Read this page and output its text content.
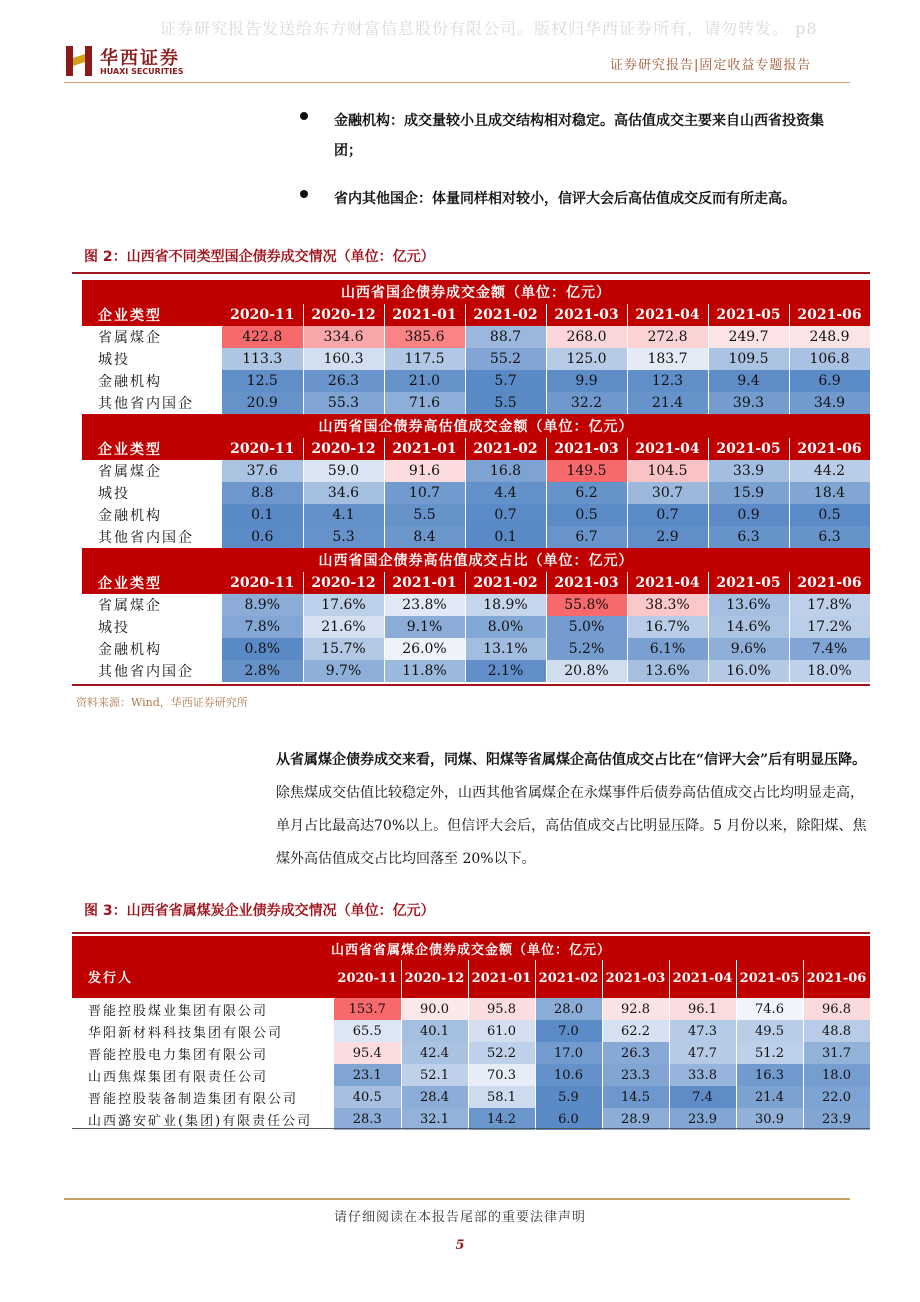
证券研究报告发送给东方财富信息股份有限公司。版权归华西证券所有，请勿转发。 p8
华西证券
HUAXI SECURITIES	证券研究报告|固定收益专题报告
金融机构：成交量较小且成交结构相对稳定。高估值成交主要来自山西省投资集团；
省内其他国企：体量同样相对较小，信评大会后高估值成交反而有所走高。
图 2：山西省不同类型国企债券成交情况（单位：亿元）
山西省国企债券成交金额（单位：亿元）								
企业类型	2020-11	2020-12	2021-01	2021-02	2021-03	2021-04	2021-05	2021-06
省属煤企	422.8	334.6	385.6	88.7	268.0	272.8	249.7	248.9
城投	113.3	160.3	117.5	55.2	125.0	183.7	109.5	106.8
金融机构	12.5	26.3	21.0	5.7	9.9	12.3	9.4	6.9
其他省内国企	20.9	55.3	71.6	5.5	32.2	21.4	39.3	34.9
山西省国企债券高估值成交金额（单位：亿元）								
企业类型	2020-11	2020-12	2021-01	2021-02	2021-03	2021-04	2021-05	2021-06
省属煤企	37.6	59.0	91.6	16.8	149.5	104.5	33.9	44.2
城投	8.8	34.6	10.7	4.4	6.2	30.7	15.9	18.4
金融机构	0.1	4.1	5.5	0.7	0.5	0.7	0.9	0.5
其他省内国企	0.6	5.3	8.4	0.1	6.7	2.9	6.3	6.3
山西省国企债券高估值成交占比（单位：亿元）								
企业类型	2020-11	2020-12	2021-01	2021-02	2021-03	2021-04	2021-05	2021-06
省属煤企	8.9%	17.6%	23.8%	18.9%	55.8%	38.3%	13.6%	17.8%
城投	7.8%	21.6%	9.1%	8.0%	5.0%	16.7%	14.6%	17.2%
金融机构	0.8%	15.7%	26.0%	13.1%	5.2%	6.1%	9.6%	7.4%
其他省内国企	2.8%	9.7%	11.8%	2.1%	20.8%	13.6%	16.0%	18.0%
资料来源：Wind，华西证券研究所
从省属煤企债券成交来看，同煤、阳煤等省属煤企高估值成交占比在“信评大会”后有明显压降。除焦煤成交估值比较稳定外，山西其他省属煤企在永煤事件后债券高估值成交占比均明显走高，单月占比最高达70%以上。但信评大会后，高估值成交占比明显压降。5 月份以来，除阳煤、焦煤外高估值成交占比均回落至 20%以下。
图 3：山西省省属煤炭企业债券成交情况（单位：亿元）
山西省省属煤企债券成交金额（单位：亿元）								
发行人	2020-11	2020-12	2021-01	2021-02	2021-03	2021-04	2021-05	2021-06
晋能控股煤业集团有限公司	153.7	90.0	95.8	28.0	92.8	96.1	74.6	96.8
华阳新材料科技集团有限公司	65.5	40.1	61.0	7.0	62.2	47.3	49.5	48.8
晋能控股电力集团有限公司	95.4	42.4	52.2	17.0	26.3	47.7	51.2	31.7
山西焦煤集团有限责任公司	23.1	52.1	70.3	10.6	23.3	33.8	16.3	18.0
晋能控股装备制造集团有限公司	40.5	28.4	58.1	5.9	14.5	7.4	21.4	22.0
山西潞安矿业(集团)有限责任公司	28.3	32.1	14.2	6.0	28.9	23.9	30.9	23.9
请仔细阅读在本报告尾部的重要法律声明
5
